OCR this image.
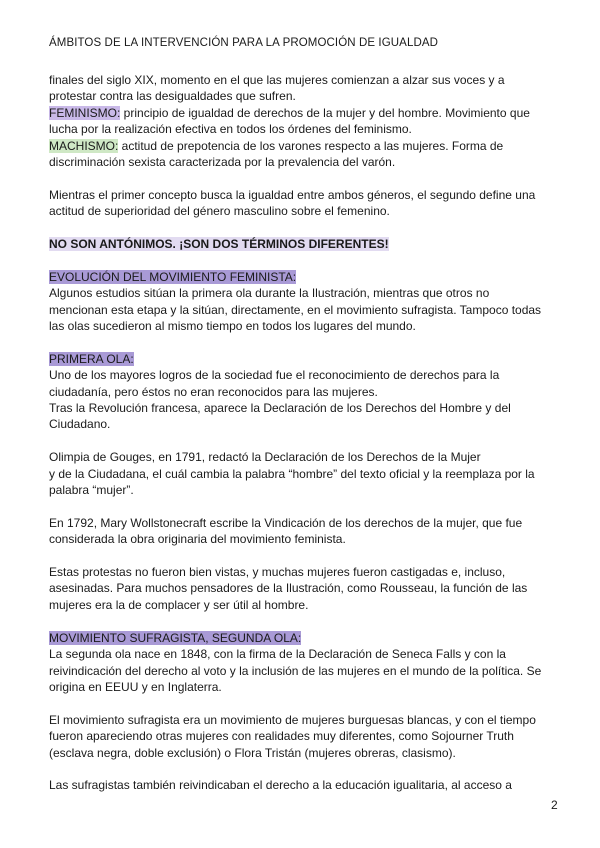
ÁMBITOS DE LA INTERVENCIÓN PARA LA PROMOCIÓN DE IGUALDAD

finales del siglo XIX, momento en el que las mujeres comienzan a alzar sus voces y a

protestar contra las desigualdades que sufren.

FEMINISMO: principio de igualdad de derechos de la mujer y del hombre. Movimiento que

lucha por la realización efectiva en todos los órdenes del feminismo.

MACHISMO: actitud de prepotencia de los varones respecto a las mujeres. Forma de

discriminación sexista caracterizada por la prevalencia del varón.

Mientras el primer concepto busca la igualdad entre ambos géneros, el segundo define una

actitud de superioridad del género masculino sobre el femenino.

NO SON ANTÓNIMOS. ¡SON DOS TÉRMINOS DIFERENTES!

EVOLUCIÓN DEL MOVIMIENTO FEMINISTA:

Algunos estudios sitúan la primera ola durante la Ilustración, mientras que otros no

mencionan esta etapa y la sitúan, directamente, en el movimiento sufragista. Tampoco todas

las olas sucedieron al mismo tiempo en todos los lugares del mundo.

PRIMERA OLA:

Uno de los mayores logros de la sociedad fue el reconocimiento de derechos para la

ciudadanía, pero éstos no eran reconocidos para las mujeres.

Tras la Revolución francesa, aparece la Declaración de los Derechos del Hombre y del

Ciudadano.

Olimpia de Gouges, en 1791, redactó la Declaración de los Derechos de la Mujer

y de la Ciudadana, el cuál cambia la palabra “hombre” del texto oficial y la reemplaza por la

palabra “mujer”.

En 1792, Mary Wollstonecraft escribe la Vindicación de los derechos de la mujer, que fue

considerada la obra originaria del movimiento feminista.

Estas protestas no fueron bien vistas, y muchas mujeres fueron castigadas e, incluso,

asesinadas. Para muchos pensadores de la Ilustración, como Rousseau, la función de las

mujeres era la de complacer y ser útil al hombre.

MOVIMIENTO SUFRAGISTA, SEGUNDA OLA:

La segunda ola nace en 1848, con la firma de la Declaración de Seneca Falls y con la

reivindicación del derecho al voto y la inclusión de las mujeres en el mundo de la política. Se

origina en EEUU y en Inglaterra.

El movimiento sufragista era un movimiento de mujeres burguesas blancas, y con el tiempo

fueron apareciendo otras mujeres con realidades muy diferentes, como Sojourner Truth

(esclava negra, doble exclusión) o Flora Tristán (mujeres obreras, clasismo).

Las sufragistas también reivindicaban el derecho a la educación igualitaria, al acceso a

2
